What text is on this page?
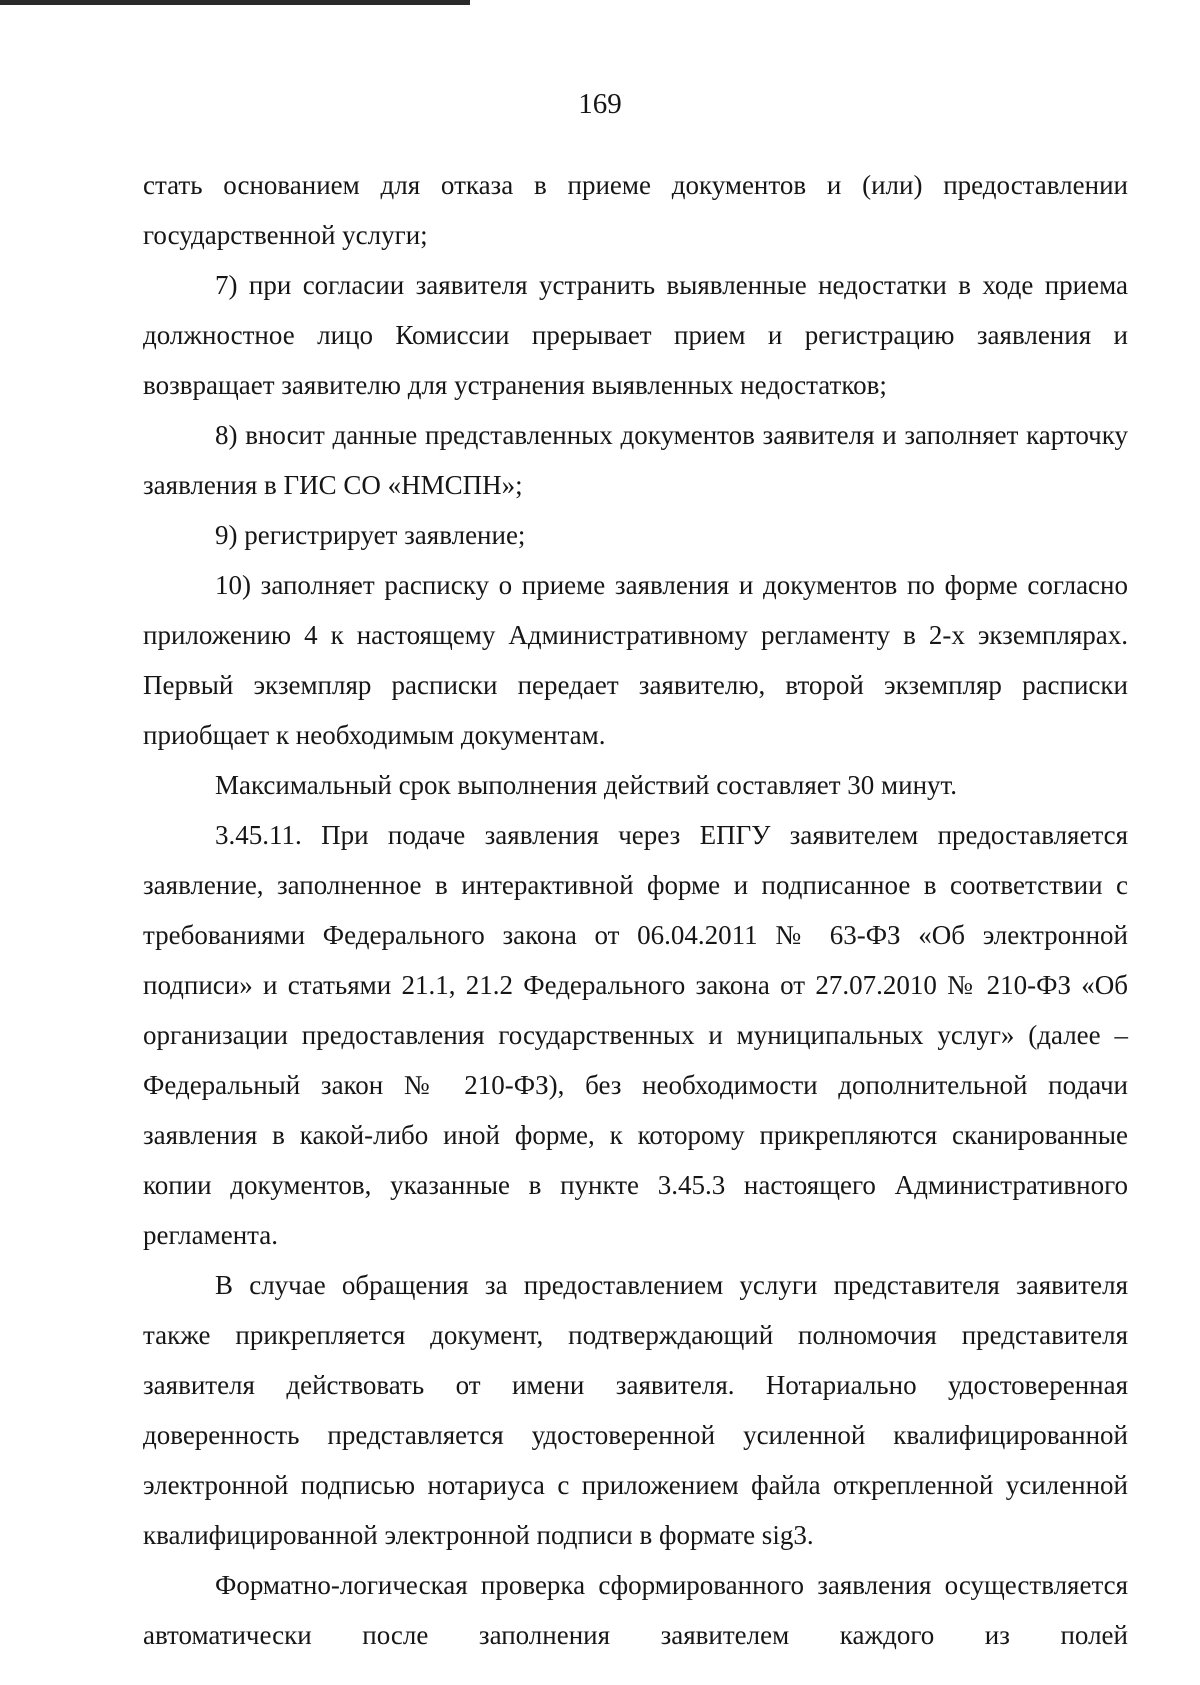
169

стать основанием для отказа в приеме документов и (или) предоставлении государственной услуги;

7) при согласии заявителя устранить выявленные недостатки в ходе приема должностное лицо Комиссии прерывает прием и регистрацию заявления и возвращает заявителю для устранения выявленных недостатков;

8) вносит данные представленных документов заявителя и заполняет карточку заявления в ГИС СО «НМСПН»;

9) регистрирует заявление;

10) заполняет расписку о приеме заявления и документов по форме согласно приложению 4 к настоящему Административному регламенту в 2-х экземплярах. Первый экземпляр расписки передает заявителю, второй экземпляр расписки приобщает к необходимым документам.

Максимальный срок выполнения действий составляет 30 минут.

3.45.11. При подаче заявления через ЕПГУ заявителем предоставляется заявление, заполненное в интерактивной форме и подписанное в соответствии с требованиями Федерального закона от 06.04.2011 № 63-ФЗ «Об электронной подписи» и статьями 21.1, 21.2 Федерального закона от 27.07.2010 № 210-ФЗ «Об организации предоставления государственных и муниципальных услуг» (далее – Федеральный закон № 210-ФЗ), без необходимости дополнительной подачи заявления в какой-либо иной форме, к которому прикрепляются сканированные копии документов, указанные в пункте 3.45.3 настоящего Административного регламента.

В случае обращения за предоставлением услуги представителя заявителя также прикрепляется документ, подтверждающий полномочия представителя заявителя действовать от имени заявителя. Нотариально удостоверенная доверенность представляется удостоверенной усиленной квалифицированной электронной подписью нотариуса с приложением файла открепленной усиленной квалифицированной электронной подписи в формате sig3.

Форматно-логическая проверка сформированного заявления осуществляется автоматически после заполнения заявителем каждого из полей
